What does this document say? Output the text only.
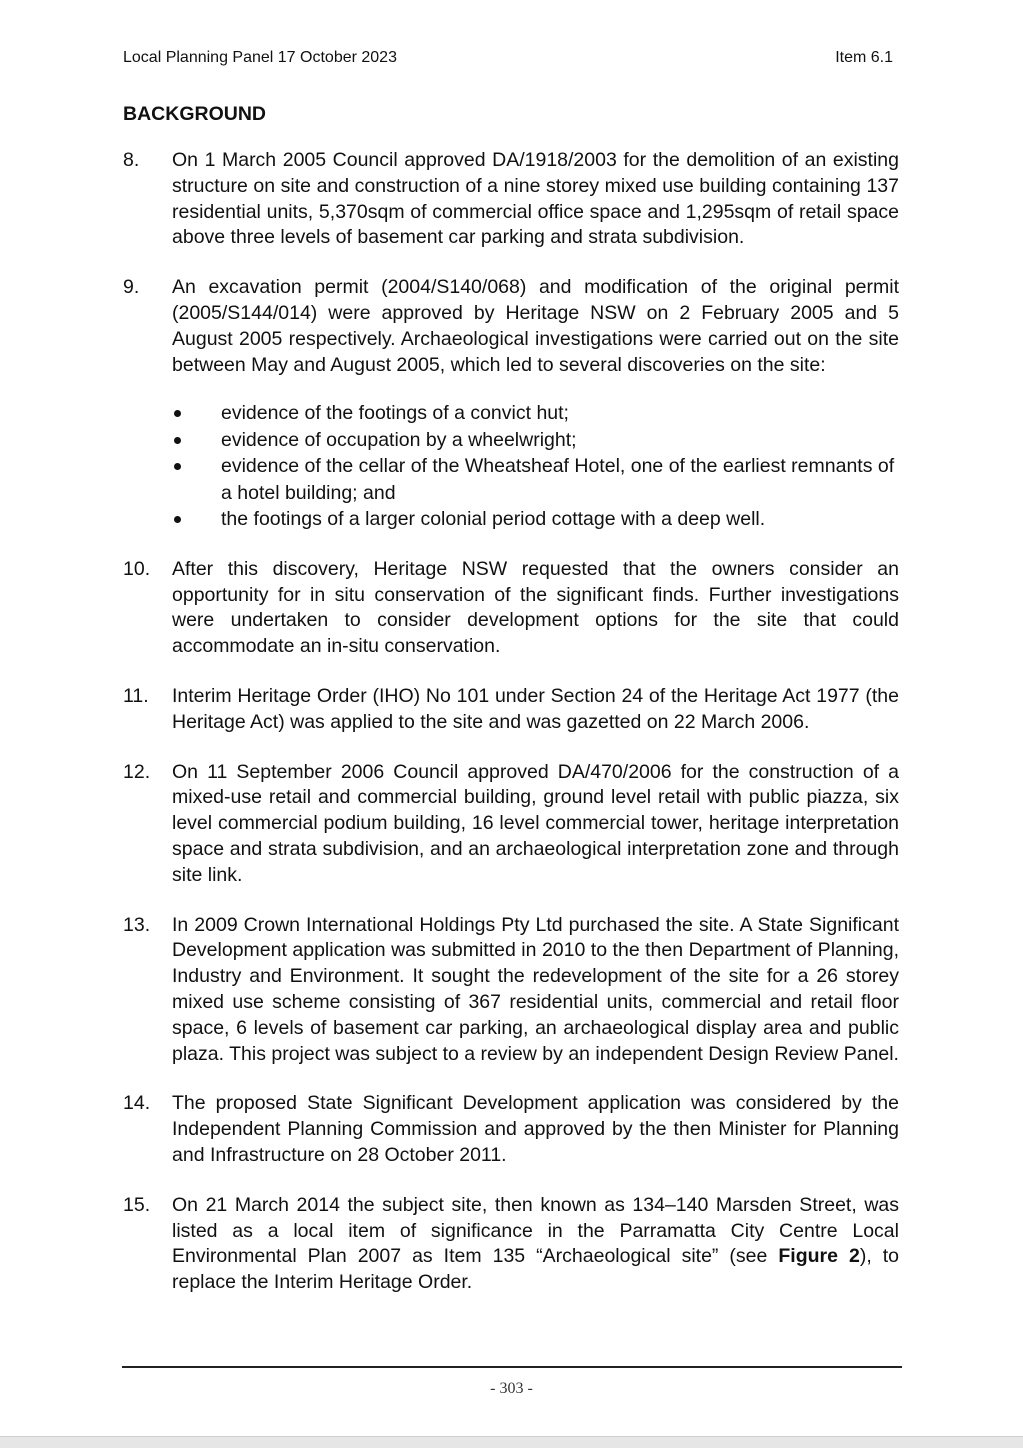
Local Planning Panel 17 October 2023	Item 6.1
BACKGROUND
8.	On 1 March 2005 Council approved DA/1918/2003 for the demolition of an existing structure on site and construction of a nine storey mixed use building containing 137 residential units, 5,370sqm of commercial office space and 1,295sqm of retail space above three levels of basement car parking and strata subdivision.
9.	An excavation permit (2004/S140/068) and modification of the original permit (2005/S144/014) were approved by Heritage NSW on 2 February 2005 and 5 August 2005 respectively. Archaeological investigations were carried out on the site between May and August 2005, which led to several discoveries on the site:
evidence of the footings of a convict hut;
evidence of occupation by a wheelwright;
evidence of the cellar of the Wheatsheaf Hotel, one of the earliest remnants of a hotel building; and
the footings of a larger colonial period cottage with a deep well.
10.	After this discovery, Heritage NSW requested that the owners consider an opportunity for in situ conservation of the significant finds. Further investigations were undertaken to consider development options for the site that could accommodate an in-situ conservation.
11.	Interim Heritage Order (IHO) No 101 under Section 24 of the Heritage Act 1977 (the Heritage Act) was applied to the site and was gazetted on 22 March 2006.
12.	On 11 September 2006 Council approved DA/470/2006 for the construction of a mixed-use retail and commercial building, ground level retail with public piazza, six level commercial podium building, 16 level commercial tower, heritage interpretation space and strata subdivision, and an archaeological interpretation zone and through site link.
13.	In 2009 Crown International Holdings Pty Ltd purchased the site. A State Significant Development application was submitted in 2010 to the then Department of Planning, Industry and Environment. It sought the redevelopment of the site for a 26 storey mixed use scheme consisting of 367 residential units, commercial and retail floor space, 6 levels of basement car parking, an archaeological display area and public plaza. This project was subject to a review by an independent Design Review Panel.
14.	The proposed State Significant Development application was considered by the Independent Planning Commission and approved by the then Minister for Planning and Infrastructure on 28 October 2011.
15.	On 21 March 2014 the subject site, then known as 134–140 Marsden Street, was listed as a local item of significance in the Parramatta City Centre Local Environmental Plan 2007 as Item 135 “Archaeological site” (see Figure 2), to replace the Interim Heritage Order.
- 303 -
